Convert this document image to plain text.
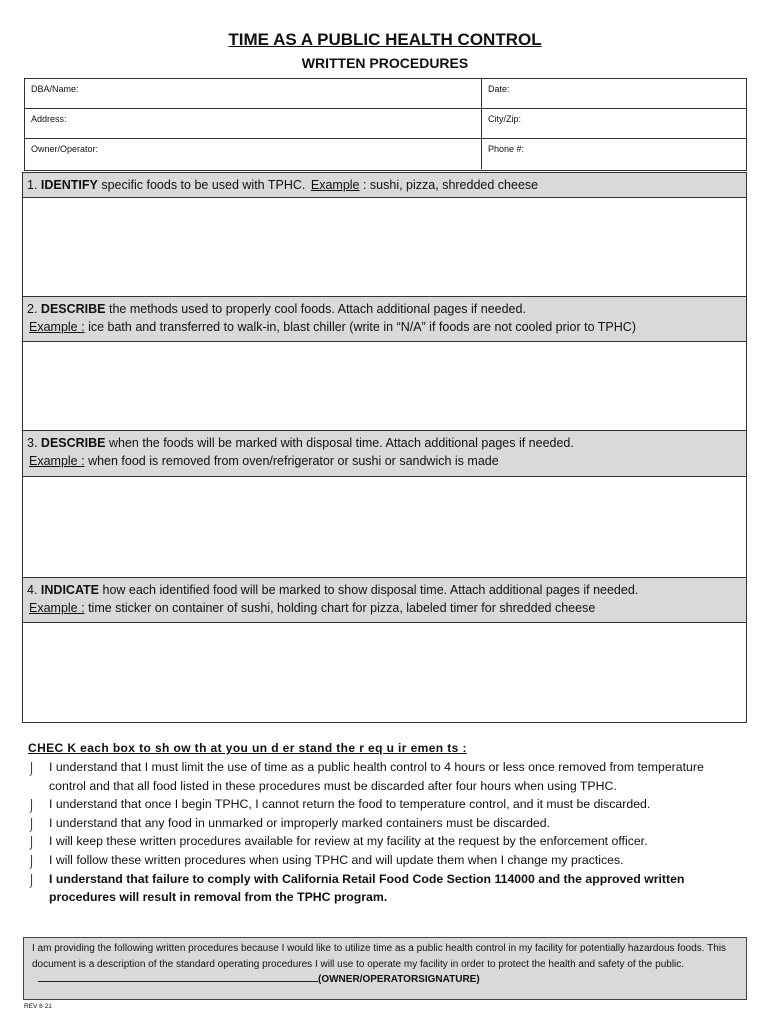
TIME AS A PUBLIC HEALTH CONTROL
WRITTEN PROCEDURES
DBA/Name:	Date:
Address:	City/Zip:
Owner/Operator:	Phone #:
1. IDENTIFY specific foods to be used with TPHC. Example : sushi, pizza, shredded cheese
2. DESCRIBE the methods used to properly cool foods. Attach additional pages if needed.
Example : ice bath and transferred to walk-in, blast chiller (write in “N/A” if foods are not cooled prior to TPHC)
3. DESCRIBE when the foods will be marked with disposal time. Attach additional pages if needed.
Example : when food is removed from oven/refrigerator or sushi or sandwich is made
4. INDICATE how each identified food will be marked to show disposal time. Attach additional pages if needed.
Example : time sticker on container of sushi, holding chart for pizza, labeled timer for shredded cheese
CHEC K each box to sh ow th at you un d er stand the r eq u ir emen ts :
⌡ I understand that I must limit the use of time as a public health control to 4 hours or less once removed from temperature control and that all food listed in these procedures must be discarded after four hours when using TPHC.
⌡ I understand that once I begin TPHC, I cannot return the food to temperature control, and it must be discarded.
⌡ I understand that any food in unmarked or improperly marked containers must be discarded.
⌡ I will keep these written procedures available for review at my facility at the request by the enforcement officer.
⌡ I will follow these written procedures when using TPHC and will update them when I change my practices.
⌡ I understand that failure to comply with California Retail Food Code Section 114000 and the approved written procedures will result in removal from the TPHC program.
I am providing the following written procedures because I would like to utilize time as a public health control in my facility for potentially hazardous foods. This document is a description of the standard operating procedures I will use to operate my facility in order to protect the health and safety of the public. (OWNER/OPERATORSIGNATURE)
REV 8 21
